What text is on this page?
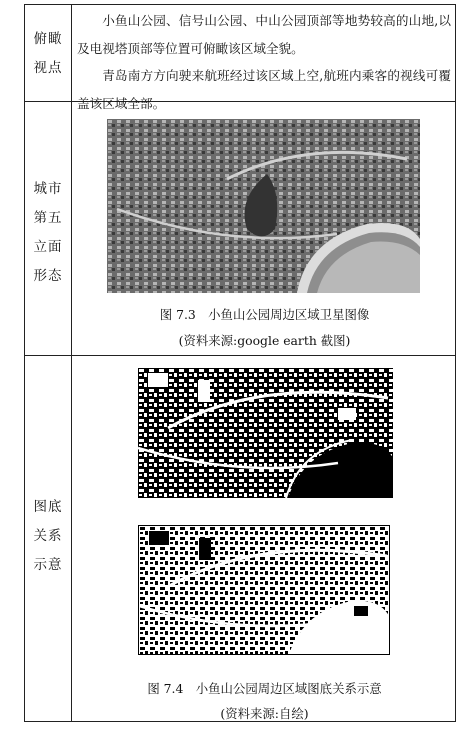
俯瞰
视点
小鱼山公园、信号山公园、中山公园顶部等地势较高的山地,以及电视塔顶部等位置可俯瞰该区域全貌。
青岛南方方向驶来航班经过该区域上空,航班内乘客的视线可覆盖该区域全部。
城市
第五
立面
形态
图 7.3　小鱼山公园周边区域卫星图像
(资料来源:google earth 截图)
图底
关系
示意
图 7.4　小鱼山公园周边区域图底关系示意
(资料来源:自绘)
